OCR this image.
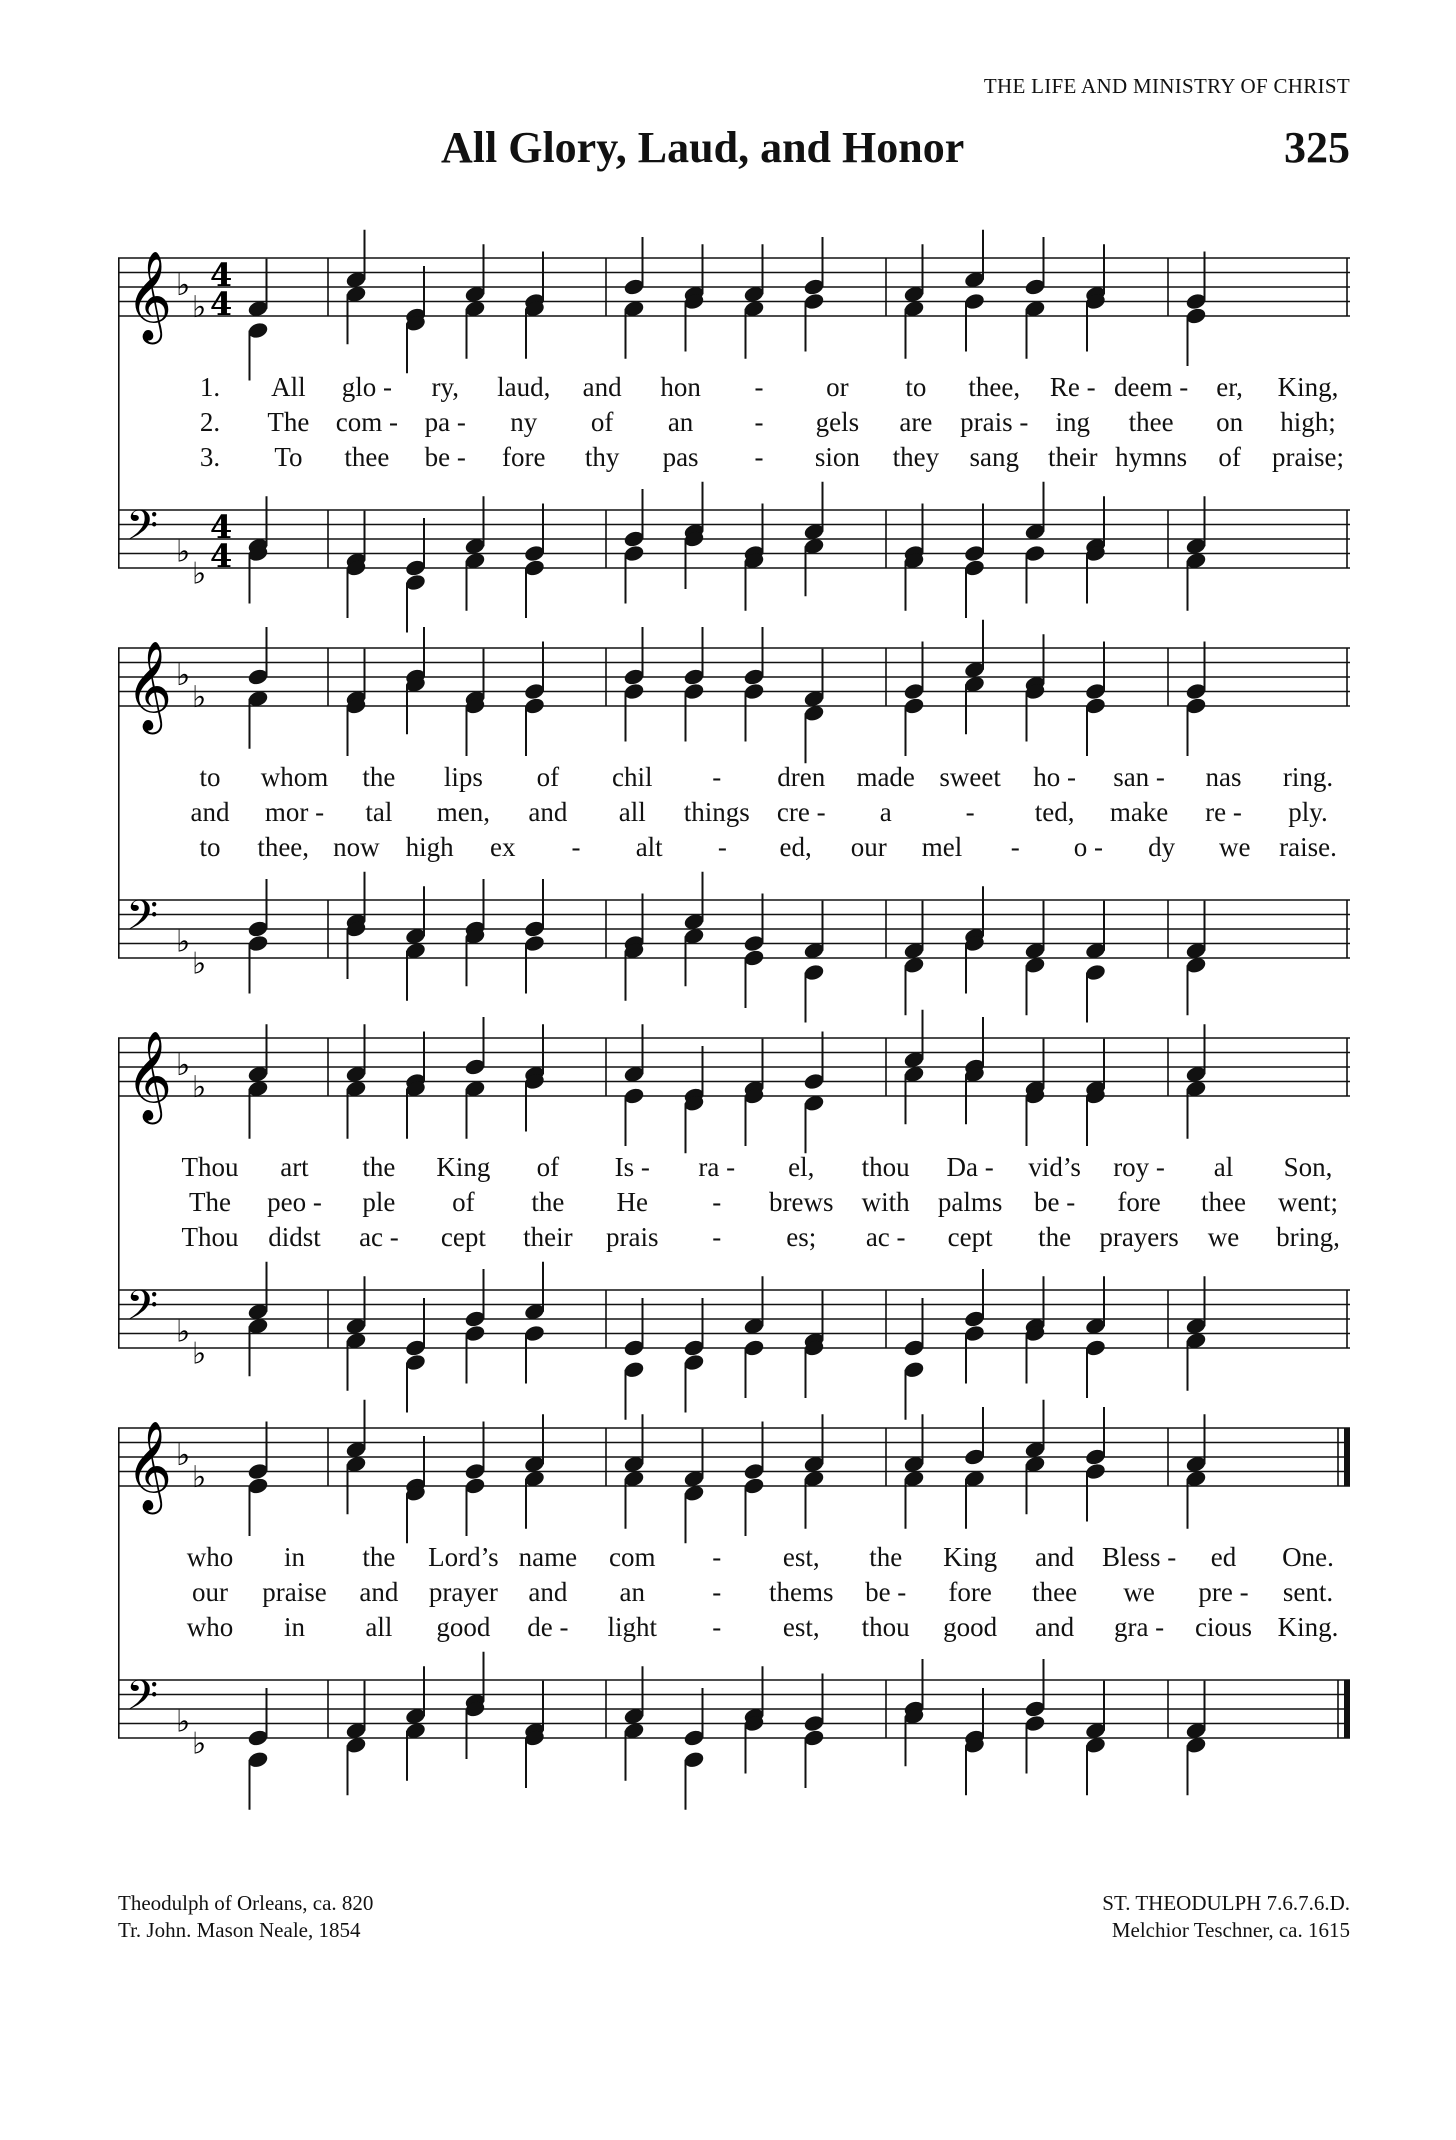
THE LIFE AND MINISTRY OF CHRIST
All Glory, Laud, and Honor	325
𝄞 ♭
♭
4
4
𝄢 ♭
♭
4
4
1. All glo - ry, laud, and hon - or to thee, Re - deem - er, King,
2. The com - pa - ny of an - gels are prais - ing thee on high;
3. To thee be - fore thy pas - sion they sang their hymns of praise;
𝄞 ♭
♭
𝄢 ♭
♭
to whom the lips of chil - dren made sweet ho - san - nas ring.
and mor - tal men, and all things cre - a	- ted, make re - ply.
to thee, now high ex - alt - ed, our mel - o - dy we raise.
𝄞 ♭
♭
𝄢 ♭
♭
Thou art the King of Is - ra - el, thou Da - vid’s roy - al Son,
The peo - ple of the He - brews with palms be - fore thee went;
Thou didst ac - cept their prais - es; ac - cept the prayers we bring,
𝄞 ♭
♭
𝄢 ♭
♭
who in the Lord’s name com - est, the King and Bless - ed One.
our praise and prayer and an - thems be - fore thee we pre - sent.
who in all good de - light - est, thou good and gra - cious King.
Theodulph of Orleans, ca. 820
Tr. John. Mason Neale, 1854
ST. THEODULPH 7.6.7.6.D.
Melchior Teschner, ca. 1615
